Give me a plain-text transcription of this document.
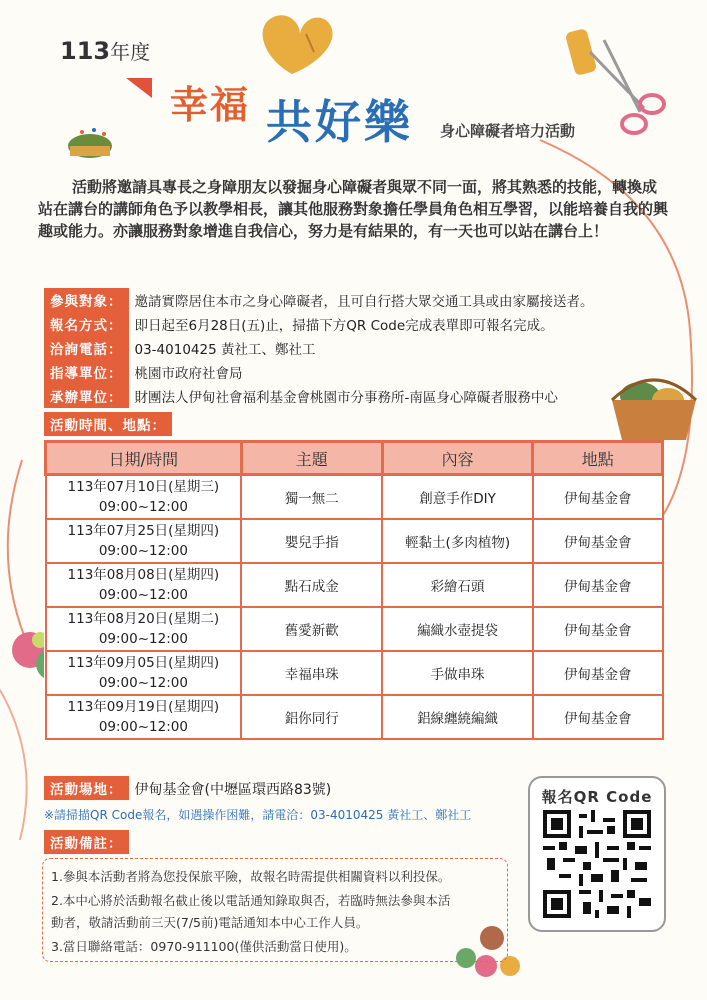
113年度
幸福 共好樂 身心障礙者培力活動
活動將邀請具專長之身障朋友以發掘身心障礙者與眾不同一面，將其熟悉的技能，轉換成站在講台的講師角色予以教學相長，讓其他服務對象擔任學員角色相互學習，以能培養自我的興趣或能力。亦讓服務對象增進自我信心，努力是有結果的，有一天也可以站在講台上！
參與對象： 邀請實際居住本市之身心障礙者，且可自行搭大眾交通工具或由家屬接送者。
報名方式： 即日起至6月28日(五)止，掃描下方QR Code完成表單即可報名完成。
洽詢電話： 03-4010425 黃社工、鄭社工
指導單位： 桃園市政府社會局
承辦單位： 財團法人伊甸社會福利基金會桃園市分事務所-南區身心障礙者服務中心
活動時間、地點：
日期/時間	主題	內容	地點

113年07月10日(星期三)
09:00~12:00	獨一無二	創意手作DIY	伊甸基金會

113年07月25日(星期四)
09:00~12:00	嬰兒手指	輕黏土(多肉植物)	伊甸基金會

113年08月08日(星期四)
09:00~12:00	點石成金	彩繪石頭	伊甸基金會

113年08月20日(星期二)
09:00~12:00	舊愛新歡	編織水壺提袋	伊甸基金會

113年09月05日(星期四)
09:00~12:00	幸福串珠	手做串珠	伊甸基金會

113年09月19日(星期四)
09:00~12:00	鋁你同行	鋁線纏繞編織	伊甸基金會
活動場地： 伊甸基金會(中壢區環西路83號)
※請掃描QR Code報名，如遇操作困難，請電洽：03-4010425 黃社工、鄭社工
活動備註：
1.參與本活動者將為您投保旅平險，故報名時需提供相關資料以利投保。
2.本中心將於活動報名截止後以電話通知錄取與否，若臨時無法參與本活
動者，敬請活動前三天(7/5前)電話通知本中心工作人員。
3.當日聯絡電話：0970-911100(僅供活動當日使用)。
報名QR Code
